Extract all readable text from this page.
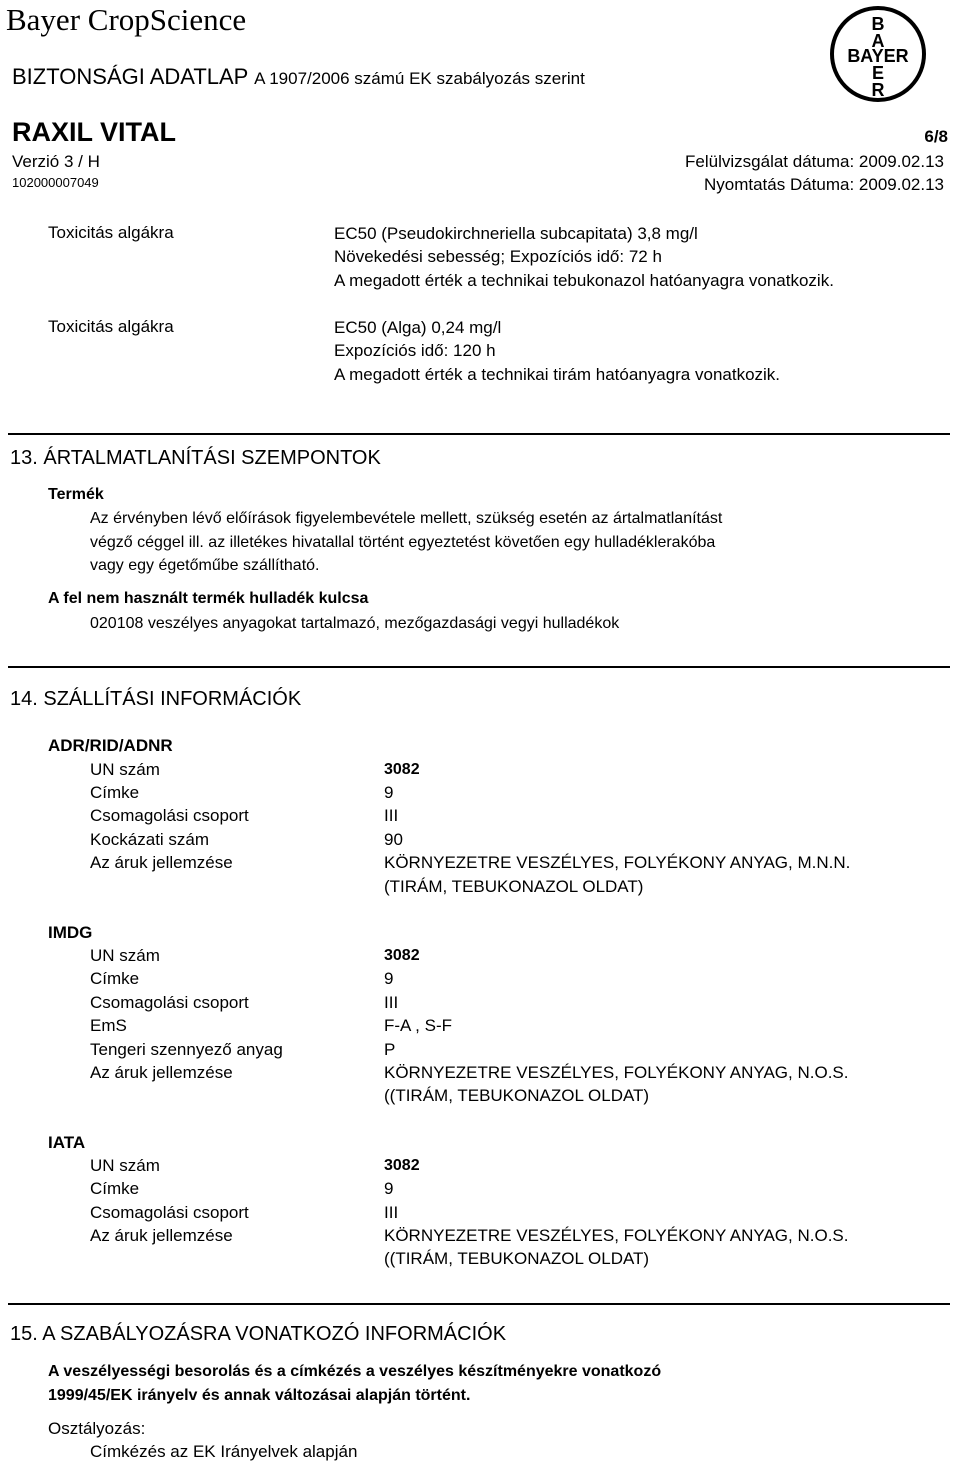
Bayer CropScience
BIZTONSÁGI ADATLAP A 1907/2006 számú EK szabályozás szerint
RAXIL VITAL
Verzió 3 / H
102000007049
6/8
Felülvizsgálat dátuma: 2009.02.13
Nyomtatás Dátuma: 2009.02.13
B
A
BAYER
E
R
Toxicitás algákra	EC50 (Pseudokirchneriella subcapitata) 3,8 mg/l
Növekedési sebesség; Expozíciós idő: 72 h
A megadott érték a technikai tebukonazol hatóanyagra vonatkozik.
Toxicitás algákra	EC50 (Alga) 0,24 mg/l
Expozíciós idő: 120 h
A megadott érték a technikai tirám hatóanyagra vonatkozik.
13. ÁRTALMATLANÍTÁSI SZEMPONTOK
Termék
Az érvényben lévő előírások figyelembevétele mellett, szükség esetén az ártalmatlanítást
végző céggel ill. az illetékes hivatallal történt egyeztetést követően egy hulladéklerakóba
vagy egy égetőműbe szállítható.
A fel nem használt termék hulladék kulcsa
020108 veszélyes anyagokat tartalmazó, mezőgazdasági vegyi hulladékok
14. SZÁLLÍTÁSI INFORMÁCIÓK
ADR/RID/ADNR
UN szám	3082
Címke	9
Csomagolási csoport	III
Kockázati szám	90
Az áruk jellemzése	KÖRNYEZETRE VESZÉLYES, FOLYÉKONY ANYAG, M.N.N.
(TIRÁM, TEBUKONAZOL OLDAT)
IMDG
UN szám	3082
Címke	9
Csomagolási csoport	III
EmS	F-A , S-F
Tengeri szennyező anyag	P
Az áruk jellemzése	KÖRNYEZETRE VESZÉLYES, FOLYÉKONY ANYAG, N.O.S.
((TIRÁM, TEBUKONAZOL OLDAT)
IATA
UN szám	3082
Címke	9
Csomagolási csoport	III
Az áruk jellemzése	KÖRNYEZETRE VESZÉLYES, FOLYÉKONY ANYAG, N.O.S.
((TIRÁM, TEBUKONAZOL OLDAT)
15. A SZABÁLYOZÁSRA VONATKOZÓ INFORMÁCIÓK
A veszélyességi besorolás és a címkézés a veszélyes készítményekre vonatkozó
1999/45/EK irányelv és annak változásai alapján történt.
Osztályozás:
Címkézés az EK Irányelvek alapján
